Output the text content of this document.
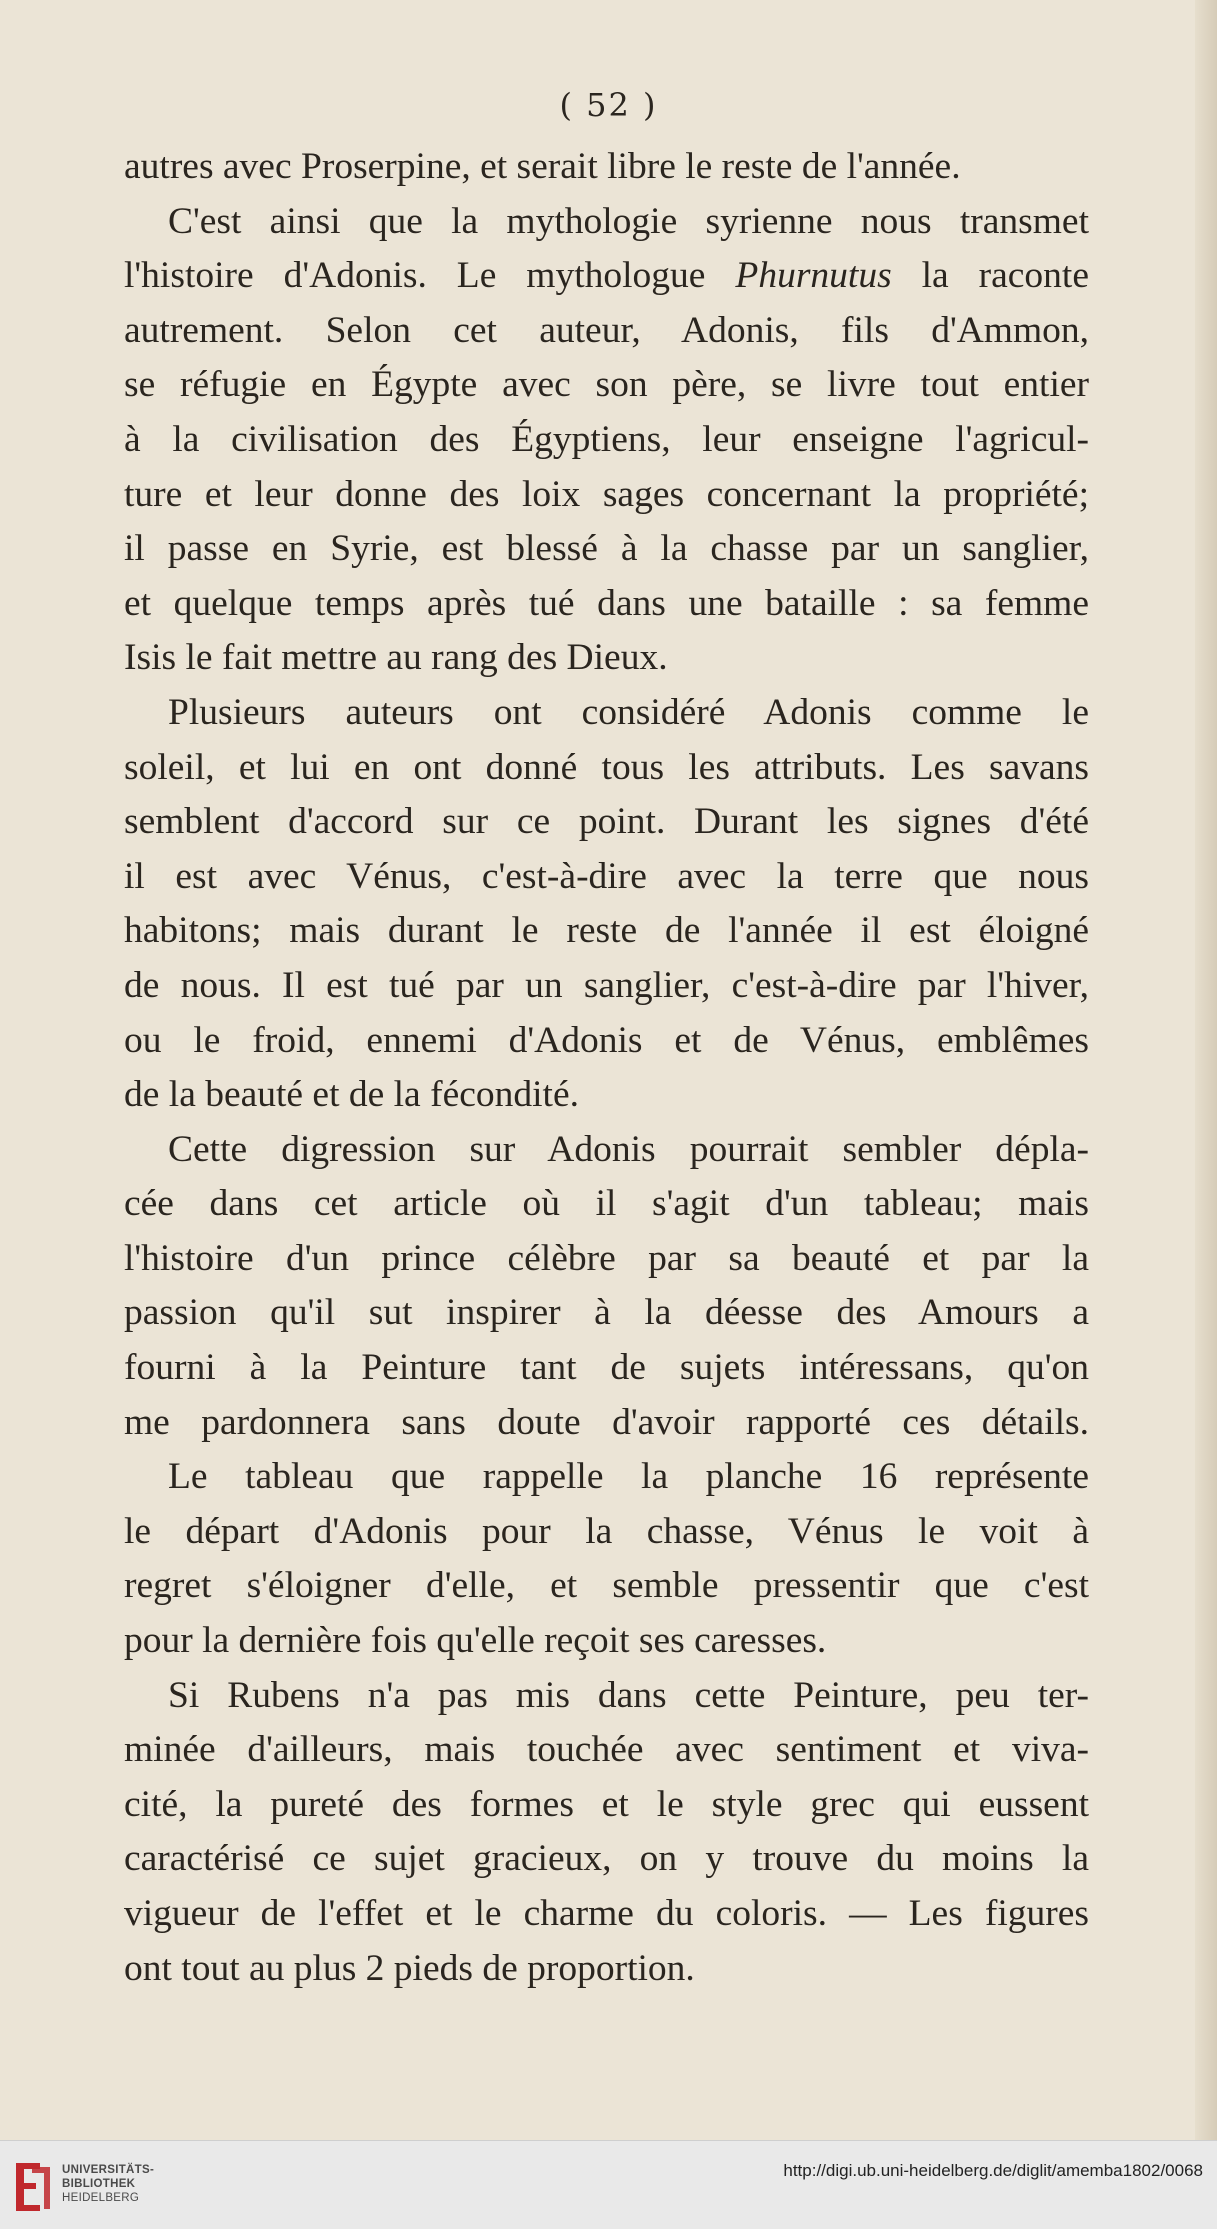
( 52 )
autres avec Proserpine, et serait libre le reste de l'année.
C'est ainsi que la mythologie syrienne nous transmet
l'histoire d'Adonis. Le mythologue Phurnutus la raconte
autrement. Selon cet auteur, Adonis, fils d'Ammon,
se réfugie en Égypte avec son père, se livre tout entier
à la civilisation des Égyptiens, leur enseigne l'agricul-
ture et leur donne des loix sages concernant la propriété;
il passe en Syrie, est blessé à la chasse par un sanglier,
et quelque temps après tué dans une bataille : sa femme
Isis le fait mettre au rang des Dieux.
Plusieurs auteurs ont considéré Adonis comme le
soleil, et lui en ont donné tous les attributs. Les savans
semblent d'accord sur ce point. Durant les signes d'été
il est avec Vénus, c'est-à-dire avec la terre que nous
habitons; mais durant le reste de l'année il est éloigné
de nous. Il est tué par un sanglier, c'est-à-dire par l'hiver,
ou le froid, ennemi d'Adonis et de Vénus, emblêmes
de la beauté et de la fécondité.
Cette digression sur Adonis pourrait sembler dépla-
cée dans cet article où il s'agit d'un tableau; mais
l'histoire d'un prince célèbre par sa beauté et par la
passion qu'il sut inspirer à la déesse des Amours a
fourni à la Peinture tant de sujets intéressans, qu'on
me pardonnera sans doute d'avoir rapporté ces détails.
Le tableau que rappelle la planche 16 représente
le départ d'Adonis pour la chasse, Vénus le voit à
regret s'éloigner d'elle, et semble pressentir que c'est
pour la dernière fois qu'elle reçoit ses caresses.
Si Rubens n'a pas mis dans cette Peinture, peu ter-
minée d'ailleurs, mais touchée avec sentiment et viva-
cité, la pureté des formes et le style grec qui eussent
caractérisé ce sujet gracieux, on y trouve du moins la
vigueur de l'effet et le charme du coloris. — Les figures
ont tout au plus 2 pieds de proportion.
UNIVERSITÄTS-
BIBLIOTHEK
HEIDELBERG
http://digi.ub.uni-heidelberg.de/diglit/amemba1802/0068
